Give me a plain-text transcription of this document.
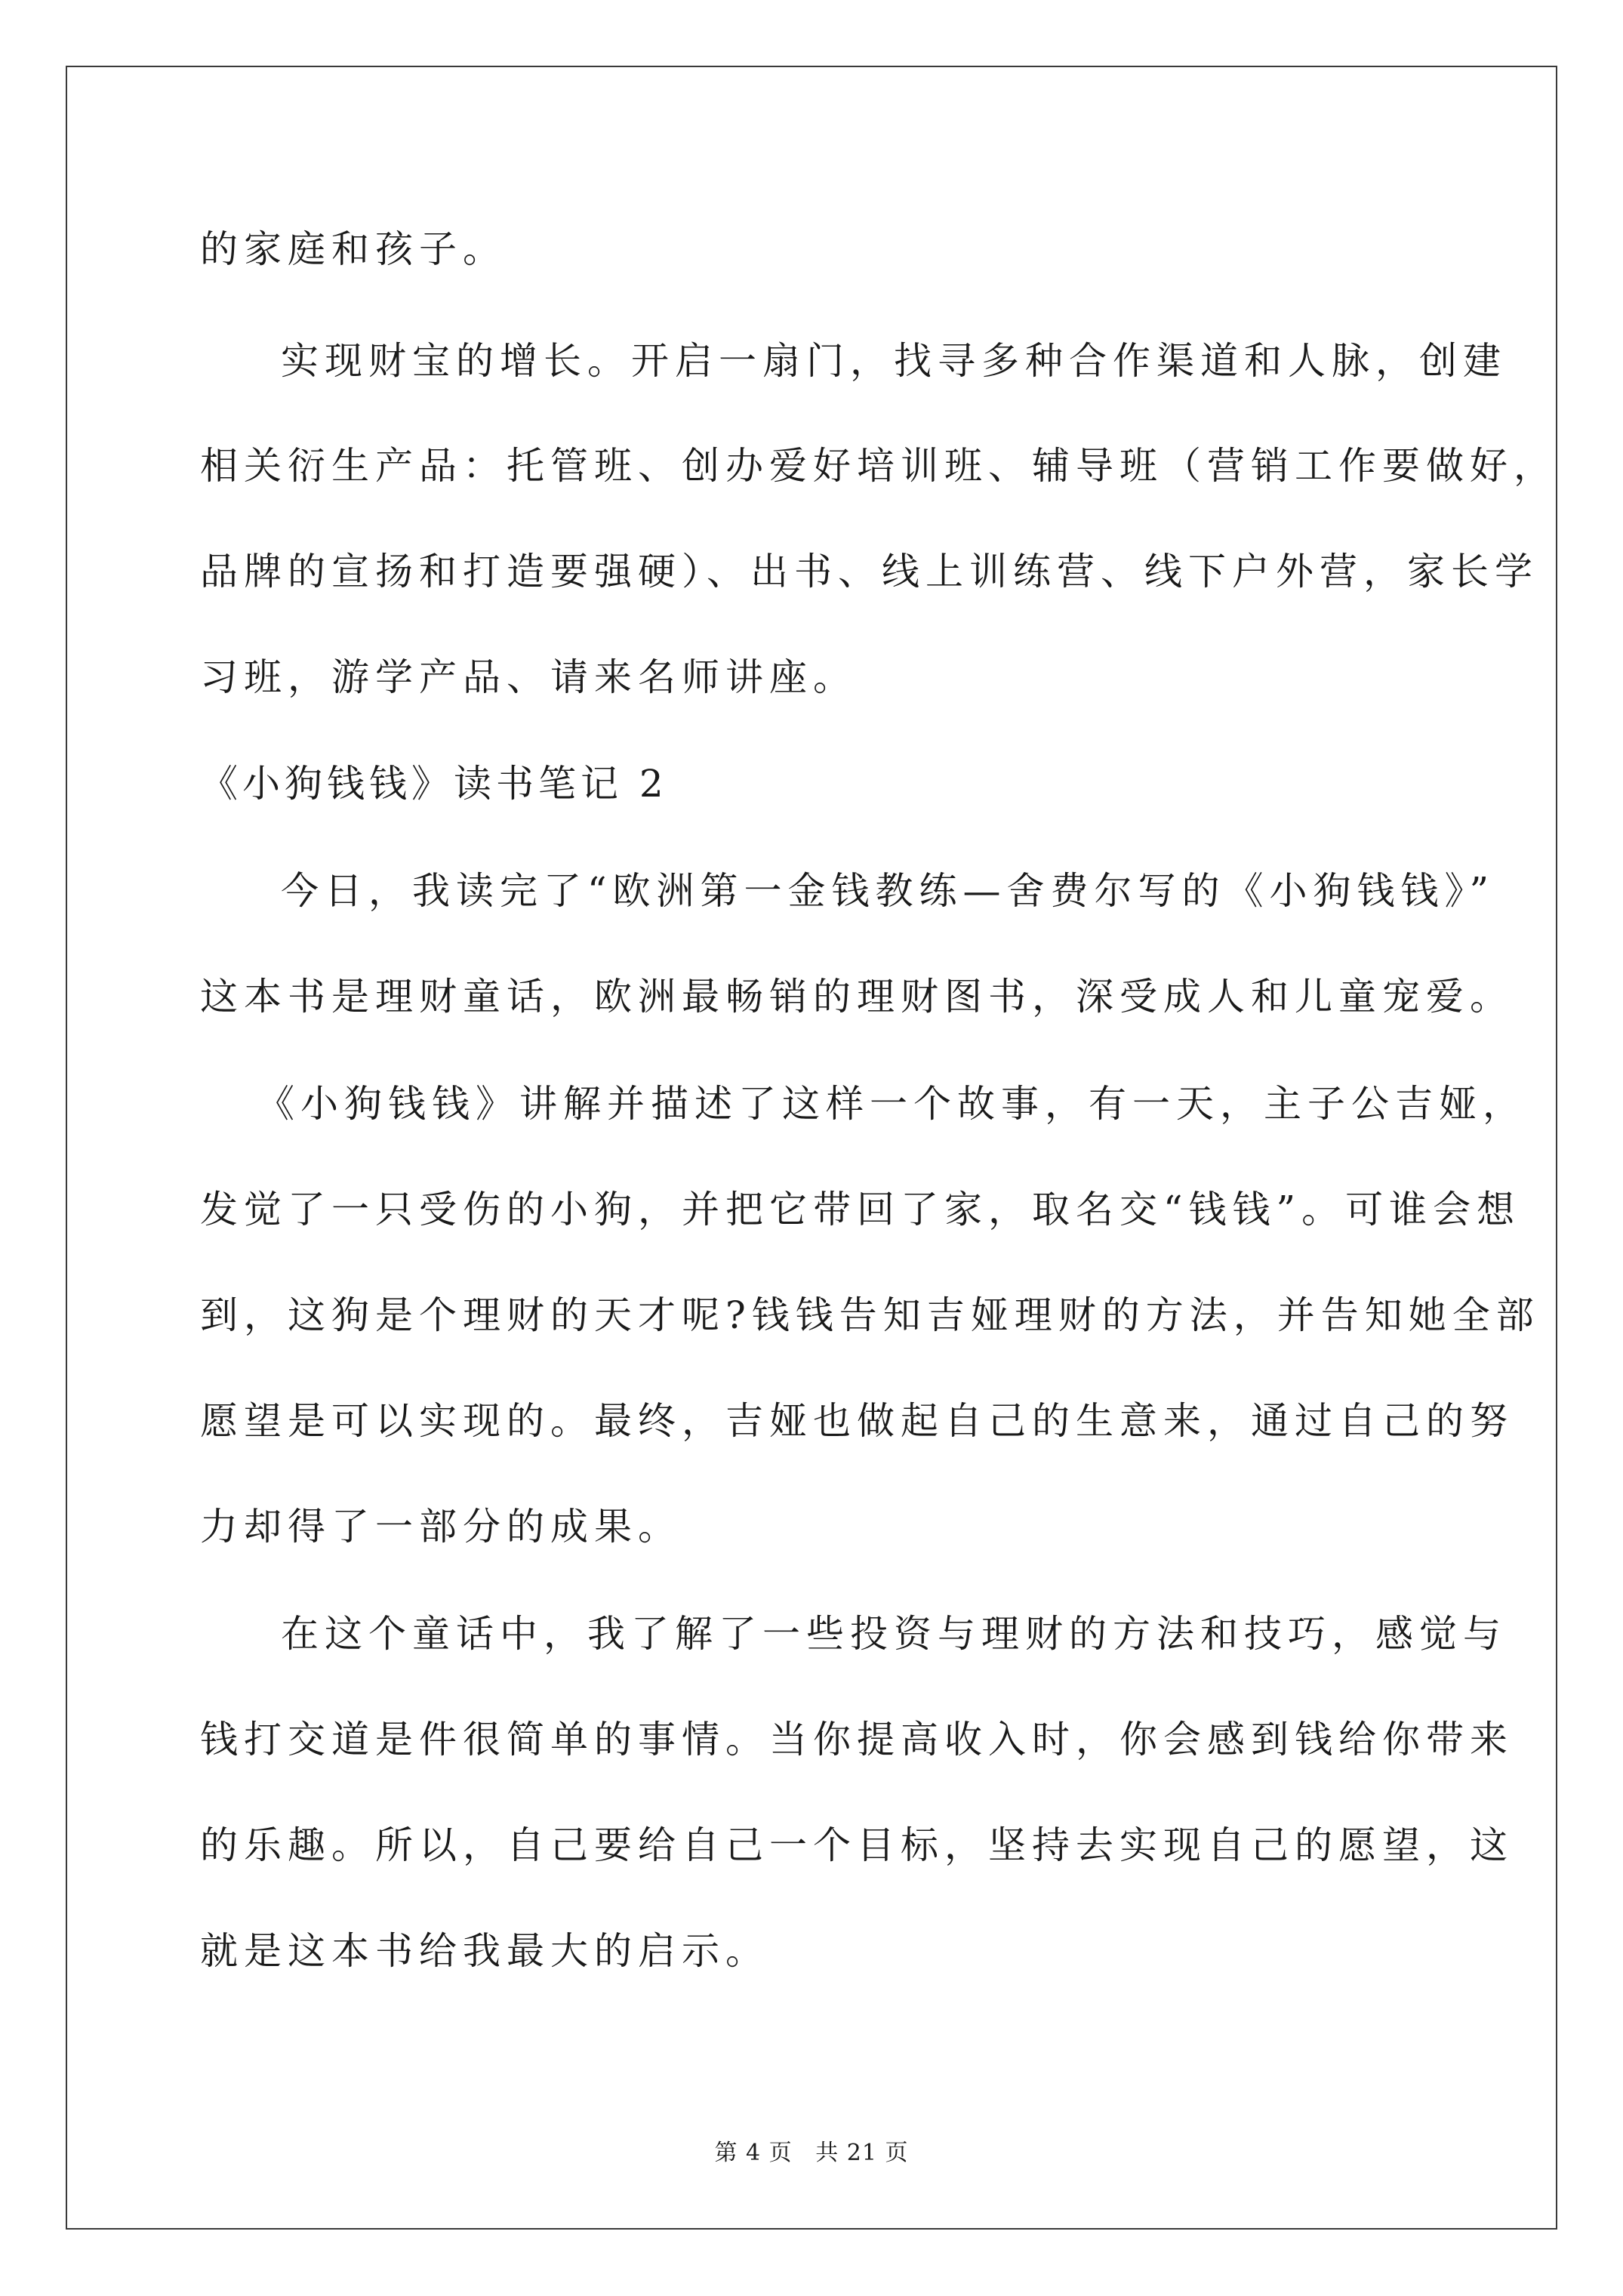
的家庭和孩子。
实现财宝的增长。开启一扇门，找寻多种合作渠道和人脉，创建
相关衍生产品：托管班、创办爱好培训班、辅导班（营销工作要做好，
品牌的宣扬和打造要强硬）、出书、线上训练营、线下户外营，家长学
习班，游学产品、请来名师讲座。
《小狗钱钱》读书笔记 2
今日，我读完了“欧洲第一金钱教练—舍费尔写的《小狗钱钱》”
这本书是理财童话，欧洲最畅销的理财图书，深受成人和儿童宠爱。
《小狗钱钱》讲解并描述了这样一个故事，有一天，主子公吉娅，
发觉了一只受伤的小狗，并把它带回了家，取名交“钱钱”。可谁会想
到，这狗是个理财的天才呢?钱钱告知吉娅理财的方法，并告知她全部
愿望是可以实现的。最终，吉娅也做起自己的生意来，通过自己的努
力却得了一部分的成果。
在这个童话中，我了解了一些投资与理财的方法和技巧，感觉与
钱打交道是件很简单的事情。当你提高收入时，你会感到钱给你带来
的乐趣。所以，自己要给自己一个目标，坚持去实现自己的愿望，这
就是这本书给我最大的启示。
第 4 页 共 21 页
